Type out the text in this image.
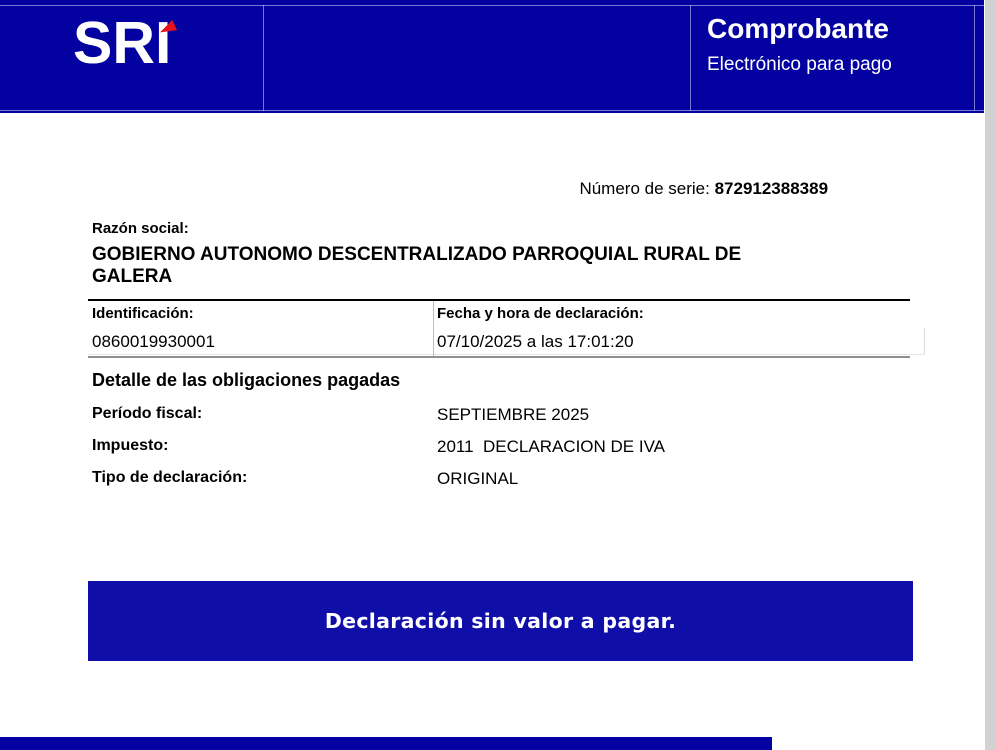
SRI	Comprobante
Electrónico para pago

Número de serie: 872912388389

Razón social:
GOBIERNO AUTONOMO DESCENTRALIZADO PARROQUIAL RURAL DE
GALERA
Identificación:	Fecha y hora de declaración:
0860019930001	07/10/2025 a las 17:01:20
Detalle de las obligaciones pagadas
Período fiscal:	SEPTIEMBRE 2025
Impuesto:	2011  DECLARACION DE IVA
Tipo de declaración:	ORIGINAL
Declaración sin valor a pagar.
